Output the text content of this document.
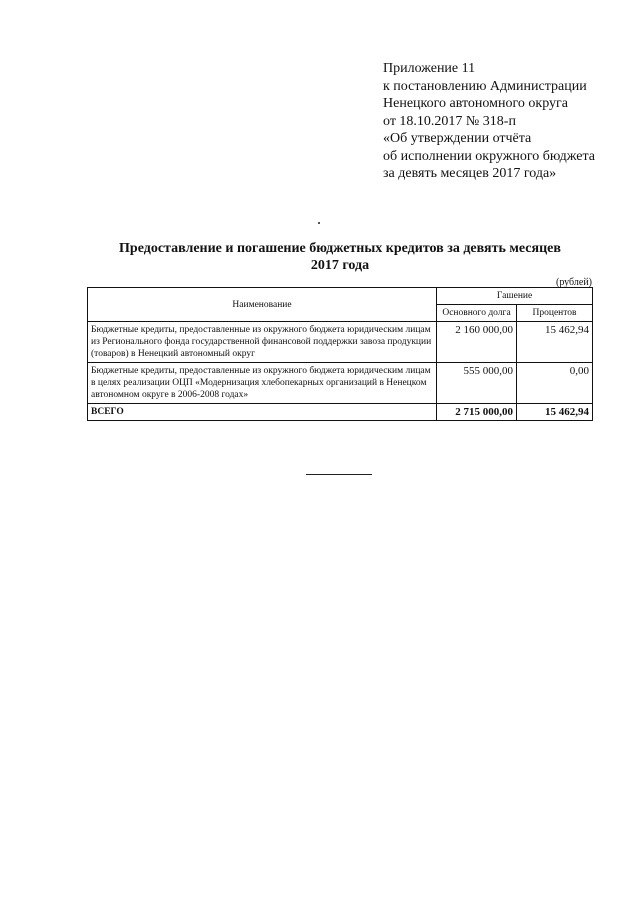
Приложение 11
к постановлению Администрации
Ненецкого автономного округа
от 18.10.2017 № 318-п
«Об утверждении отчёта
об исполнении окружного бюджета
за девять месяцев 2017 года»
Предоставление и погашение бюджетных кредитов за девять месяцев
2017 года
(рублей)
Наименование	Гашение	
	Основного долга	Процентов
Бюджетные кредиты, предоставленные из окружного бюджета юридическим лицам из Регионального фонда государственной финансовой поддержки завоза продукции (товаров) в Ненецкий автономный округ	2 160 000,00	15 462,94
Бюджетные кредиты, предоставленные из окружного бюджета юридическим лицам в целях реализации ОЦП «Модернизация хлебопекарных организаций в Ненецком автономном округе в 2006-2008 годах»	555 000,00	0,00
ВСЕГО	2 715 000,00	15 462,94
